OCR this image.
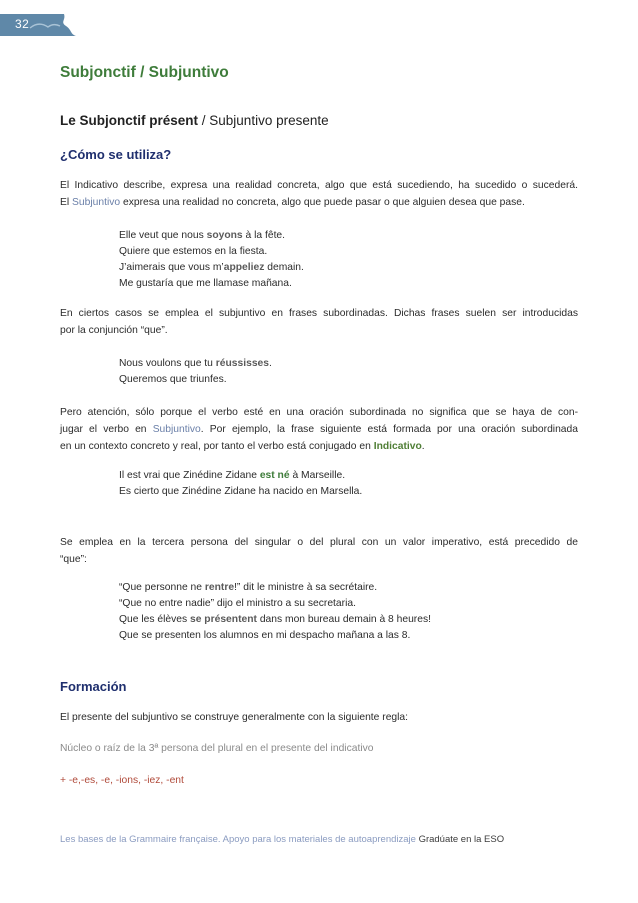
32
Subjonctif / Subjuntivo
Le Subjonctif présent / Subjuntivo presente
¿Cómo se utiliza?
El Indicativo describe, expresa una realidad concreta, algo que está sucediendo, ha sucedido o sucederá.
El Subjuntivo expresa una realidad no concreta, algo que puede pasar o que alguien desea que pase.
Elle veut que nous soyons à la fête.
Quiere que estemos en la fiesta.
J’aimerais que vous m’appeliez demain.
Me gustaría que me llamase mañana.
En ciertos casos se emplea el subjuntivo en frases subordinadas. Dichas frases suelen ser introducidas
por la conjunción “que”.
Nous voulons que tu réussisses.
Queremos que triunfes.
Pero atención, sólo porque el verbo esté en una oración subordinada no significa que se haya de con-
jugar el verbo en Subjuntivo. Por ejemplo, la frase siguiente está formada por una oración subordinada
en un contexto concreto y real, por tanto el verbo está conjugado en Indicativo.
Il est vrai que Zinédine Zidane est né à Marseille.
Es cierto que Zinédine Zidane ha nacido en Marsella.
Se emplea en la tercera persona del singular o del plural con un valor imperativo, está precedido de
“que”:
“Que personne ne rentre!” dit le ministre à sa secrétaire.
“Que no entre nadie” dijo el ministro a su secretaria.
Que les élèves se présentent dans mon bureau demain à 8 heures!
Que se presenten los alumnos en mi despacho mañana a las 8.
Formación
El presente del subjuntivo se construye generalmente con la siguiente regla:
Núcleo o raíz de la 3ª persona del plural en el presente del indicativo
+ -e,-es, -e, -ions, -iez, -ent
Les bases de la Grammaire française. Apoyo para los materiales de autoaprendizaje Gradúate en la ESO
